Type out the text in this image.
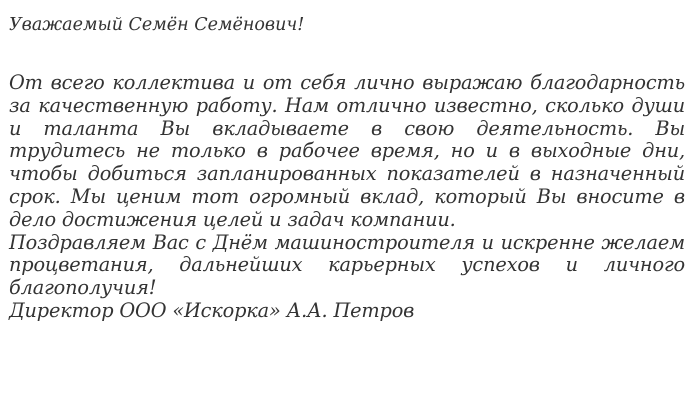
Уважаемый Семён Семёнович!

От всего коллектива и от себя лично выражаю благодарность за качественную работу. Нам отлично известно, сколько души и таланта Вы вкладываете в свою деятельность. Вы трудитесь не только в рабочее время, но и в выходные дни, чтобы добиться запланированных показателей в назначенный срок. Мы ценим тот огромный вклад, который Вы вносите в дело достижения целей и задач компании.

Поздравляем Вас с Днём машиностроителя и искренне желаем процветания, дальнейших карьерных успехов и личного благополучия!

Директор ООО «Искорка» А.А. Петров
